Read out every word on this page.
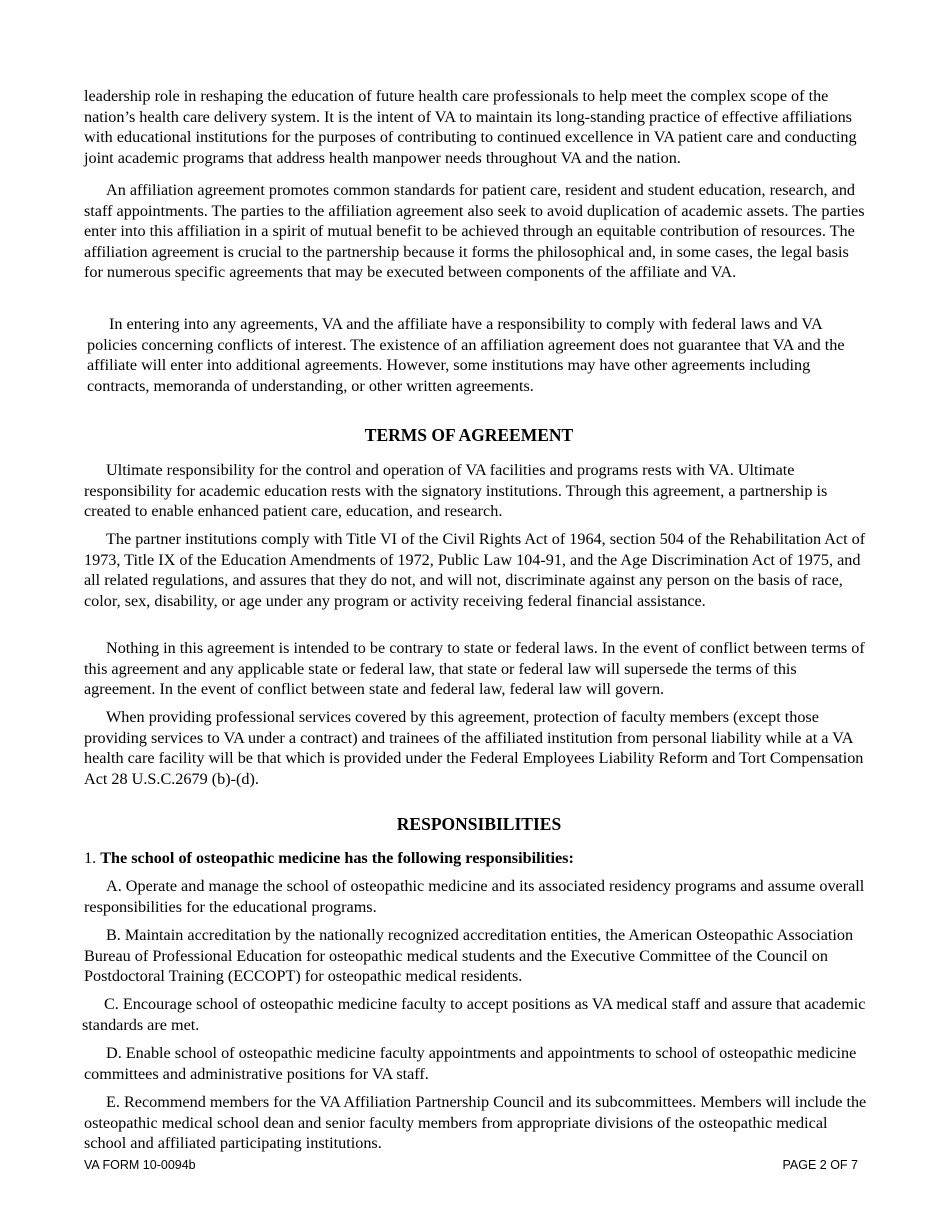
leadership role in reshaping the education of future health care professionals to help meet the complex scope of the nation’s health care delivery system. It is the intent of VA to maintain its long-standing practice of effective affiliations with educational institutions for the purposes of contributing to continued excellence in VA patient care and conducting joint academic programs that address health manpower needs throughout VA and the nation.

An affiliation agreement promotes common standards for patient care, resident and student education, research, and staff appointments. The parties to the affiliation agreement also seek to avoid duplication of academic assets. The parties enter into this affiliation in a spirit of mutual benefit to be achieved through an equitable contribution of resources. The affiliation agreement is crucial to the partnership because it forms the philosophical and, in some cases, the legal basis for numerous specific agreements that may be executed between components of the affiliate and VA.

In entering into any agreements, VA and the affiliate have a responsibility to comply with federal laws and VA policies concerning conflicts of interest. The existence of an affiliation agreement does not guarantee that VA and the affiliate will enter into additional agreements. However, some institutions may have other agreements including contracts, memoranda of understanding, or other written agreements.

TERMS OF AGREEMENT

Ultimate responsibility for the control and operation of VA facilities and programs rests with VA. Ultimate responsibility for academic education rests with the signatory institutions. Through this agreement, a partnership is created to enable enhanced patient care, education, and research.

The partner institutions comply with Title VI of the Civil Rights Act of 1964, section 504 of the Rehabilitation Act of 1973, Title IX of the Education Amendments of 1972, Public Law 104-91, and the Age Discrimination Act of 1975, and all related regulations, and assures that they do not, and will not, discriminate against any person on the basis of race, color, sex, disability, or age under any program or activity receiving federal financial assistance.

Nothing in this agreement is intended to be contrary to state or federal laws. In the event of conflict between terms of this agreement and any applicable state or federal law, that state or federal law will supersede the terms of this agreement. In the event of conflict between state and federal law, federal law will govern.

When providing professional services covered by this agreement, protection of faculty members (except those providing services to VA under a contract) and trainees of the affiliated institution from personal liability while at a VA health care facility will be that which is provided under the Federal Employees Liability Reform and Tort Compensation Act 28 U.S.C.2679 (b)-(d).

RESPONSIBILITIES

1. The school of osteopathic medicine has the following responsibilities:

A. Operate and manage the school of osteopathic medicine and its associated residency programs and assume overall responsibilities for the educational programs.

B. Maintain accreditation by the nationally recognized accreditation entities, the American Osteopathic Association Bureau of Professional Education for osteopathic medical students and the Executive Committee of the Council on Postdoctoral Training (ECCOPT) for osteopathic medical residents.

C. Encourage school of osteopathic medicine faculty to accept positions as VA medical staff and assure that academic standards are met.

D. Enable school of osteopathic medicine faculty appointments and appointments to school of osteopathic medicine committees and administrative positions for VA staff.

E. Recommend members for the VA Affiliation Partnership Council and its subcommittees. Members will include the osteopathic medical school dean and senior faculty members from appropriate divisions of the osteopathic medical school and affiliated participating institutions.

VA FORM 10-0094b	PAGE 2 OF 7
